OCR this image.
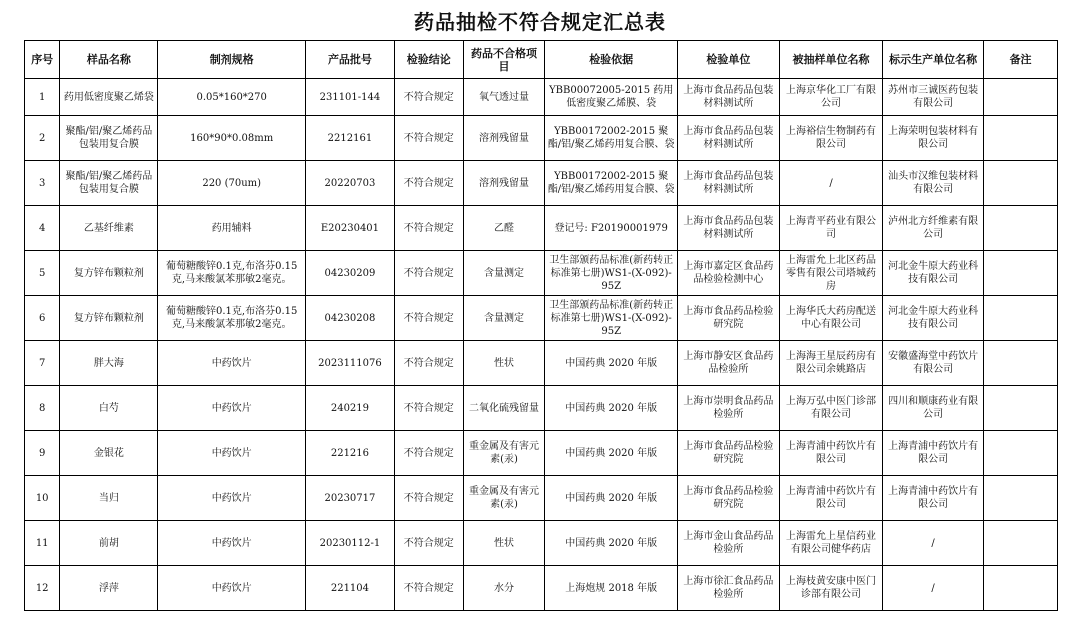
药品抽检不符合规定汇总表
序号	样品名称	制剂规格	产品批号	检验结论	药品不合格项目	检验依据	检验单位	被抽样单位名称	标示生产单位名称	备注
1	药用低密度聚乙烯袋	0.05*160*270	231101-144	不符合规定	氧气透过量	YBB00072005-2015 药用低密度聚乙烯膜、袋	上海市食品药品包装材料测试所	上海京华化工厂有限公司	苏州市三诚医药包装有限公司	
2	聚酯/铝/聚乙烯药品包装用复合膜	160*90*0.08mm	2212161	不符合规定	溶剂残留量	YBB00172002-2015 聚酯/铝/聚乙烯药用复合膜、袋	上海市食品药品包装材料测试所	上海裕信生物制药有限公司	上海荣明包装材料有限公司	
3	聚酯/铝/聚乙烯药品包装用复合膜	220 (70um)	20220703	不符合规定	溶剂残留量	YBB00172002-2015 聚酯/铝/聚乙烯药用复合膜、袋	上海市食品药品包装材料测试所	/	汕头市汉维包装材料有限公司	
4	乙基纤维素	药用辅料	E20230401	不符合规定	乙醛	登记号: F20190001979	上海市食品药品包装材料测试所	上海青平药业有限公司	泸州北方纤维素有限公司	
5	复方锌布颗粒剂	葡萄糖酸锌0.1克,布洛芬0.15克,马来酸氯苯那敏2毫克。	04230209	不符合规定	含量测定	卫生部颁药品标准(新药转正标准第七册)WS1-(X-092)-95Z	上海市嘉定区食品药品检验检测中心	上海雷允上北区药品零售有限公司塔城药房	河北金牛原大药业科技有限公司	
6	复方锌布颗粒剂	葡萄糖酸锌0.1克,布洛芬0.15克,马来酸氯苯那敏2毫克。	04230208	不符合规定	含量测定	卫生部颁药品标准(新药转正标准第七册)WS1-(X-092)-95Z	上海市食品药品检验研究院	上海华氏大药房配送中心有限公司	河北金牛原大药业科技有限公司	
7	胖大海	中药饮片	2023111076	不符合规定	性状	中国药典 2020 年版	上海市静安区食品药品检验所	上海海王星辰药房有限公司余姚路店	安徽盛海堂中药饮片有限公司	
8	白芍	中药饮片	240219	不符合规定	二氧化硫残留量	中国药典 2020 年版	上海市崇明食品药品检验所	上海万弘中医门诊部有限公司	四川和顺康药业有限公司	
9	金银花	中药饮片	221216	不符合规定	重金属及有害元素(汞)	中国药典 2020 年版	上海市食品药品检验研究院	上海青浦中药饮片有限公司	上海青浦中药饮片有限公司	
10	当归	中药饮片	20230717	不符合规定	重金属及有害元素(汞)	中国药典 2020 年版	上海市食品药品检验研究院	上海青浦中药饮片有限公司	上海青浦中药饮片有限公司	
11	前胡	中药饮片	20230112-1	不符合规定	性状	中国药典 2020 年版	上海市金山食品药品检验所	上海雷允上星信药业有限公司健华药店	/	
12	浮萍	中药饮片	221104	不符合规定	水分	上海炮规 2018 年版	上海市徐汇食品药品检验所	上海枝黄安康中医门诊部有限公司	/	
